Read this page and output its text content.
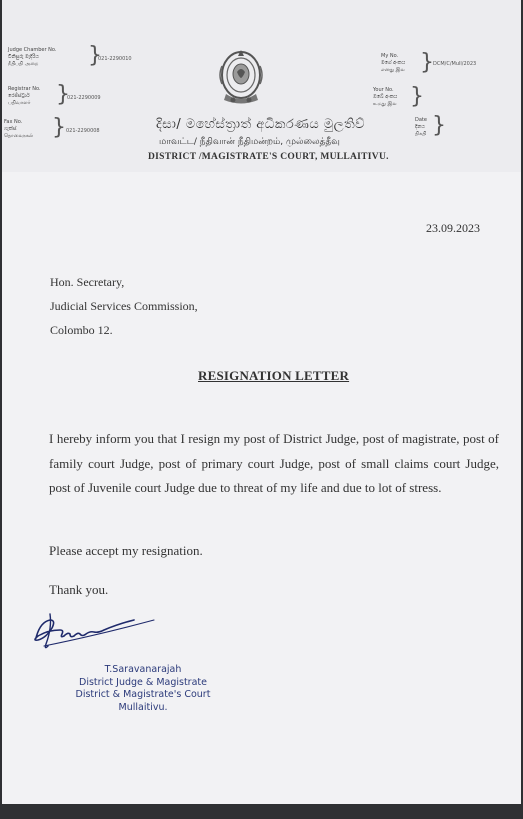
Judge Chamber No.
විනිසුරු මැදිරිය
நீதிபதி அறை }
021-2290010
Registrar No.
රෙජිස්ට්‍රාර්
பதிவாளர் }
021-2290009
Fax No.
ෆැක්ස්
தொலைநகல் } 021-2290008
My No.
මගේ අංකය
எனது இல } DCM/C/Mull/2023
Your No.
ඔබේ අංකය
உமது இல }
Date
දිනය
திகதி }
දිසා/ මහේස්ත්‍රාත් අධිකරණය මුලතිව්
மாவட்ட/ நீதிவான் நீதிமன்றம், முல்லைத்தீவு
DISTRICT /MAGISTRATE'S COURT, MULLAITIVU.
23.09.2023
Hon. Secretary,
Judicial Services Commission,
Colombo 12.
RESIGNATION LETTER
I hereby inform you that I resign my post of District Judge, post of magistrate, post of family court Judge, post of primary court Judge, post of small claims court Judge, post of Juvenile court Judge due to threat of my life and due to lot of stress.
Please accept my resignation.
Thank you.
T.Saravanarajah
District Judge & Magistrate
District & Magistrate's Court
Mullaitivu.
